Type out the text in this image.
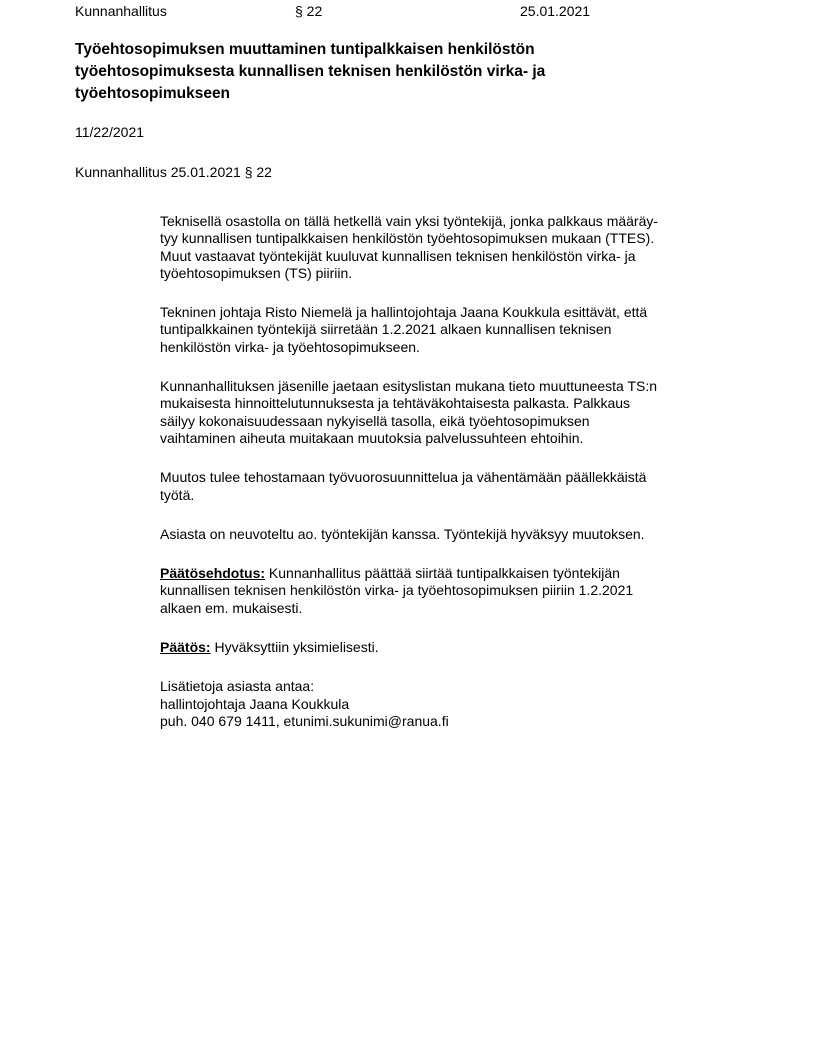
Kunnanhallitus	§ 22	25.01.2021
Työehtosopimuksen muuttaminen tuntipalkkaisen henkilöstön
työehtosopimuksesta kunnallisen teknisen henkilöstön virka- ja
työehtosopimukseen
11/22/2021
Kunnanhallitus 25.01.2021 § 22

Teknisellä osastolla on tällä hetkellä vain yksi työntekijä, jonka palkkaus määräy-
tyy kunnallisen tuntipalkkaisen henkilöstön työehtosopimuksen mukaan (TTES).
Muut vastaavat työntekijät kuuluvat kunnallisen teknisen henkilöstön virka- ja
työehtosopimuksen (TS) piiriin.

Tekninen johtaja Risto Niemelä ja hallintojohtaja Jaana Koukkula esittävät, että
tuntipalkkainen työntekijä siirretään 1.2.2021 alkaen kunnallisen teknisen
henkilöstön virka- ja työehtosopimukseen.

Kunnanhallituksen jäsenille jaetaan esityslistan mukana tieto muuttuneesta TS:n
mukaisesta hinnoittelutunnuksesta ja tehtäväkohtaisesta palkasta. Palkkaus
säilyy kokonaisuudessaan nykyisellä tasolla, eikä työehtosopimuksen
vaihtaminen aiheuta muitakaan muutoksia palvelussuhteen ehtoihin.

Muutos tulee tehostamaan työvuorosuunnittelua ja vähentämään päällekkäistä
työtä.

Asiasta on neuvoteltu ao. työntekijän kanssa. Työntekijä hyväksyy muutoksen.

Päätösehdotus: Kunnanhallitus päättää siirtää tuntipalkkaisen työntekijän
kunnallisen teknisen henkilöstön virka- ja työehtosopimuksen piiriin 1.2.2021
alkaen em. mukaisesti.

Päätös: Hyväksyttiin yksimielisesti.

Lisätietoja asiasta antaa:
hallintojohtaja Jaana Koukkula
puh. 040 679 1411, etunimi.sukunimi@ranua.fi
